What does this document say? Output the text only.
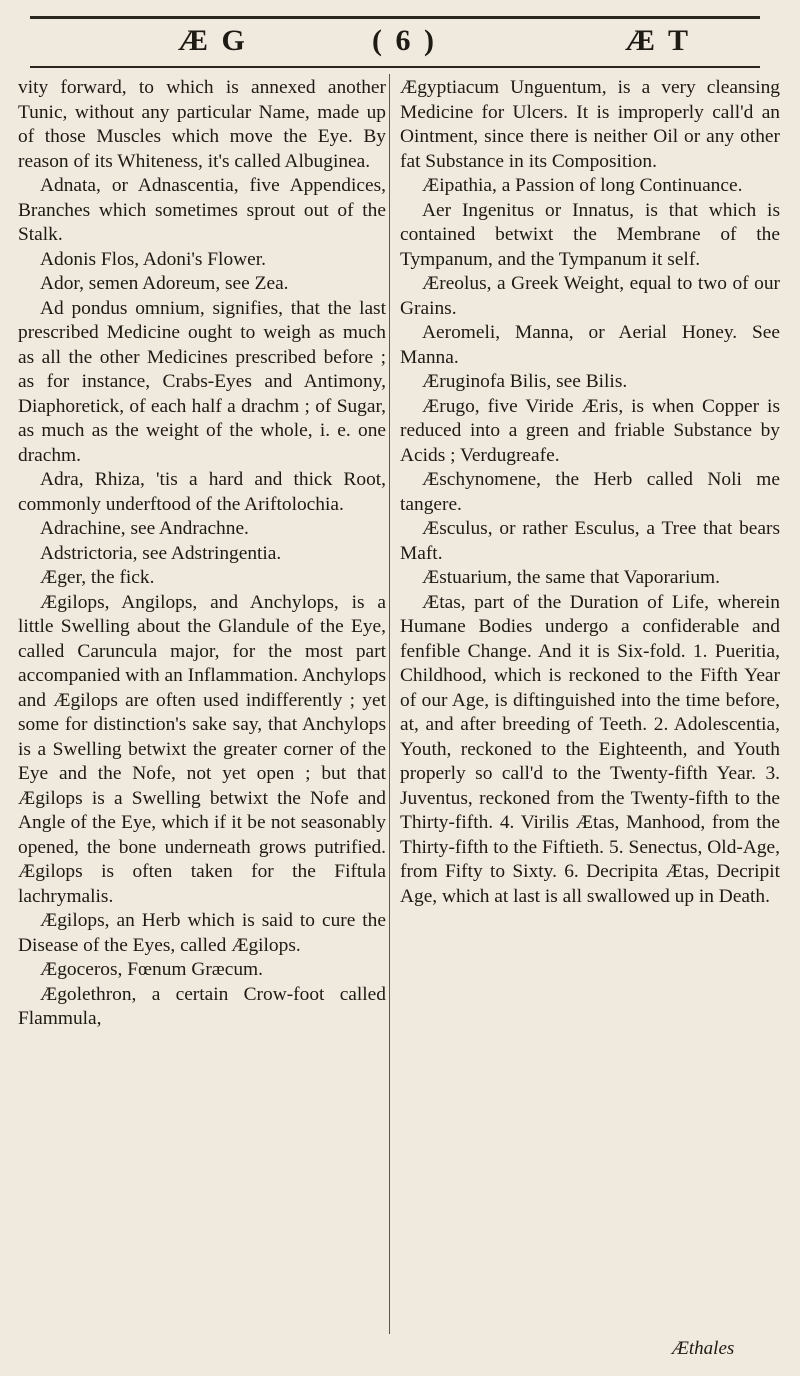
Æ G	( 6 )	Æ T

vity forward, to which is annexed another Tunic, without any particular Name, made up of those Muscles which move the Eye. By reason of its Whiteness, it's called Albuginea.

Adnata, or Adnascentia, five Appendices, Branches which sometimes sprout out of the Stalk.

Adonis Flos, Adoni's Flower.

Ador, semen Adoreum, see Zea.

Ad pondus omnium, signifies, that the last prescribed Medicine ought to weigh as much as all the other Medicines prescribed before ; as for instance, Crabs-Eyes and Antimony, Diaphoretick, of each half a drachm ; of Sugar, as much as the weight of the whole, i. e. one drachm.

Adra, Rhiza, 'tis a hard and thick Root, commonly underftood of the Ariftolochia.

Adrachine, see Andrachne.

Adstrictoria, see Adstringentia.

Æger, the fick.

Ægilops, Angilops, and Anchylops, is a little Swelling about the Glandule of the Eye, called Caruncula major, for the most part accompanied with an Inflammation. Anchylops and Ægilops are often used indifferently ; yet some for distinction's sake say, that Anchylops is a Swelling betwixt the greater corner of the Eye and the Nofe, not yet open ; but that Ægilops is a Swelling betwixt the Nofe and Angle of the Eye, which if it be not seasonably opened, the bone underneath grows putrified. Ægilops is often taken for the Fiftula lachrymalis.

Ægilops, an Herb which is said to cure the Disease of the Eyes, called Ægilops.

Ægoceros, Fœnum Græcum.

Ægolethron, a certain Crow-foot called Flammula,

Ægyptiacum Unguentum, is a very cleansing Medicine for Ulcers. It is improperly call'd an Ointment, since there is neither Oil or any other fat Substance in its Composition.

Æipathia, a Passion of long Continuance.

Aer Ingenitus or Innatus, is that which is contained betwixt the Membrane of the Tympanum, and the Tympanum it self.

Æreolus, a Greek Weight, equal to two of our Grains.

Aeromeli, Manna, or Aerial Honey. See Manna.

Æruginofa Bilis, see Bilis.

Ærugo, five Viride Æris, is when Copper is reduced into a green and friable Substance by Acids ; Verdugreafe.

Æschynomene, the Herb called Noli me tangere.

Æsculus, or rather Esculus, a Tree that bears Maft.

Æstuarium, the same that Vaporarium.

Ætas, part of the Duration of Life, wherein Humane Bodies undergo a confiderable and fenfible Change. And it is Six-fold. 1. Pueritia, Childhood, which is reckoned to the Fifth Year of our Age, is diftinguished into the time before, at, and after breeding of Teeth. 2. Adolescentia, Youth, reckoned to the Eighteenth, and Youth properly so call'd to the Twenty-fifth Year. 3. Juventus, reckoned from the Twenty-fifth to the Thirty-fifth. 4. Virilis Ætas, Manhood, from the Thirty-fifth to the Fiftieth. 5. Senectus, Old-Age, from Fifty to Sixty. 6. Decripita Ætas, Decripit Age, which at last is all swallowed up in Death.

Æthales
